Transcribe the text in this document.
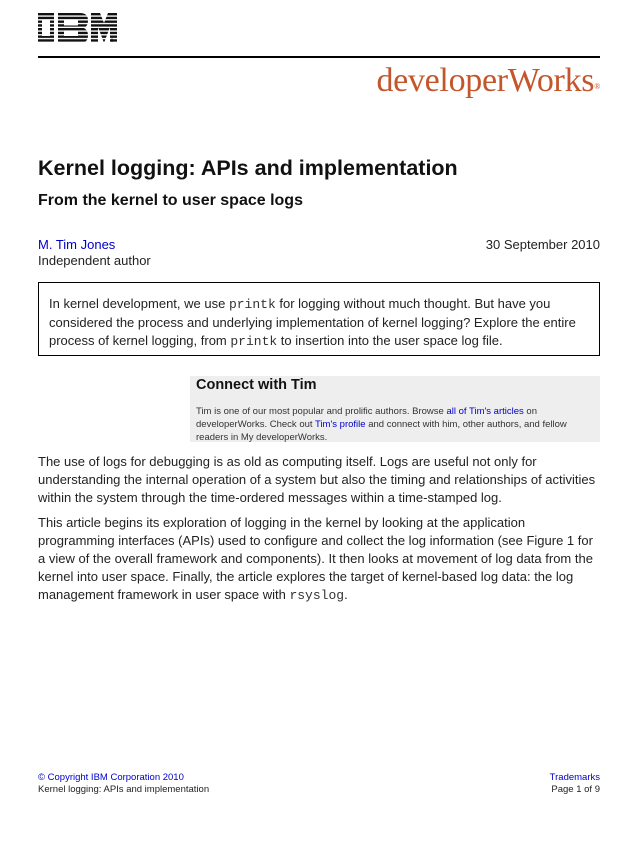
®
developerWorks®
Kernel logging: APIs and implementation
From the kernel to user space logs
M. Tim Jones
Independent author
30 September 2010
In kernel development, we use printk for logging without much thought. But have you considered the process and underlying implementation of kernel logging? Explore the entire process of kernel logging, from printk to insertion into the user space log file.
Connect with Tim
Tim is one of our most popular and prolific authors. Browse all of Tim's articles on developerWorks. Check out Tim's profile and connect with him, other authors, and fellow readers in My developerWorks.
The use of logs for debugging is as old as computing itself. Logs are useful not only for understanding the internal operation of a system but also the timing and relationships of activities within the system through the time-ordered messages within a time-stamped log.
This article begins its exploration of logging in the kernel by looking at the application programming interfaces (APIs) used to configure and collect the log information (see Figure 1 for a view of the overall framework and components). It then looks at movement of log data from the kernel into user space. Finally, the article explores the target of kernel-based log data: the log management framework in user space with rsyslog.
© Copyright IBM Corporation 2010
Kernel logging: APIs and implementation
Trademarks
Page 1 of 9
